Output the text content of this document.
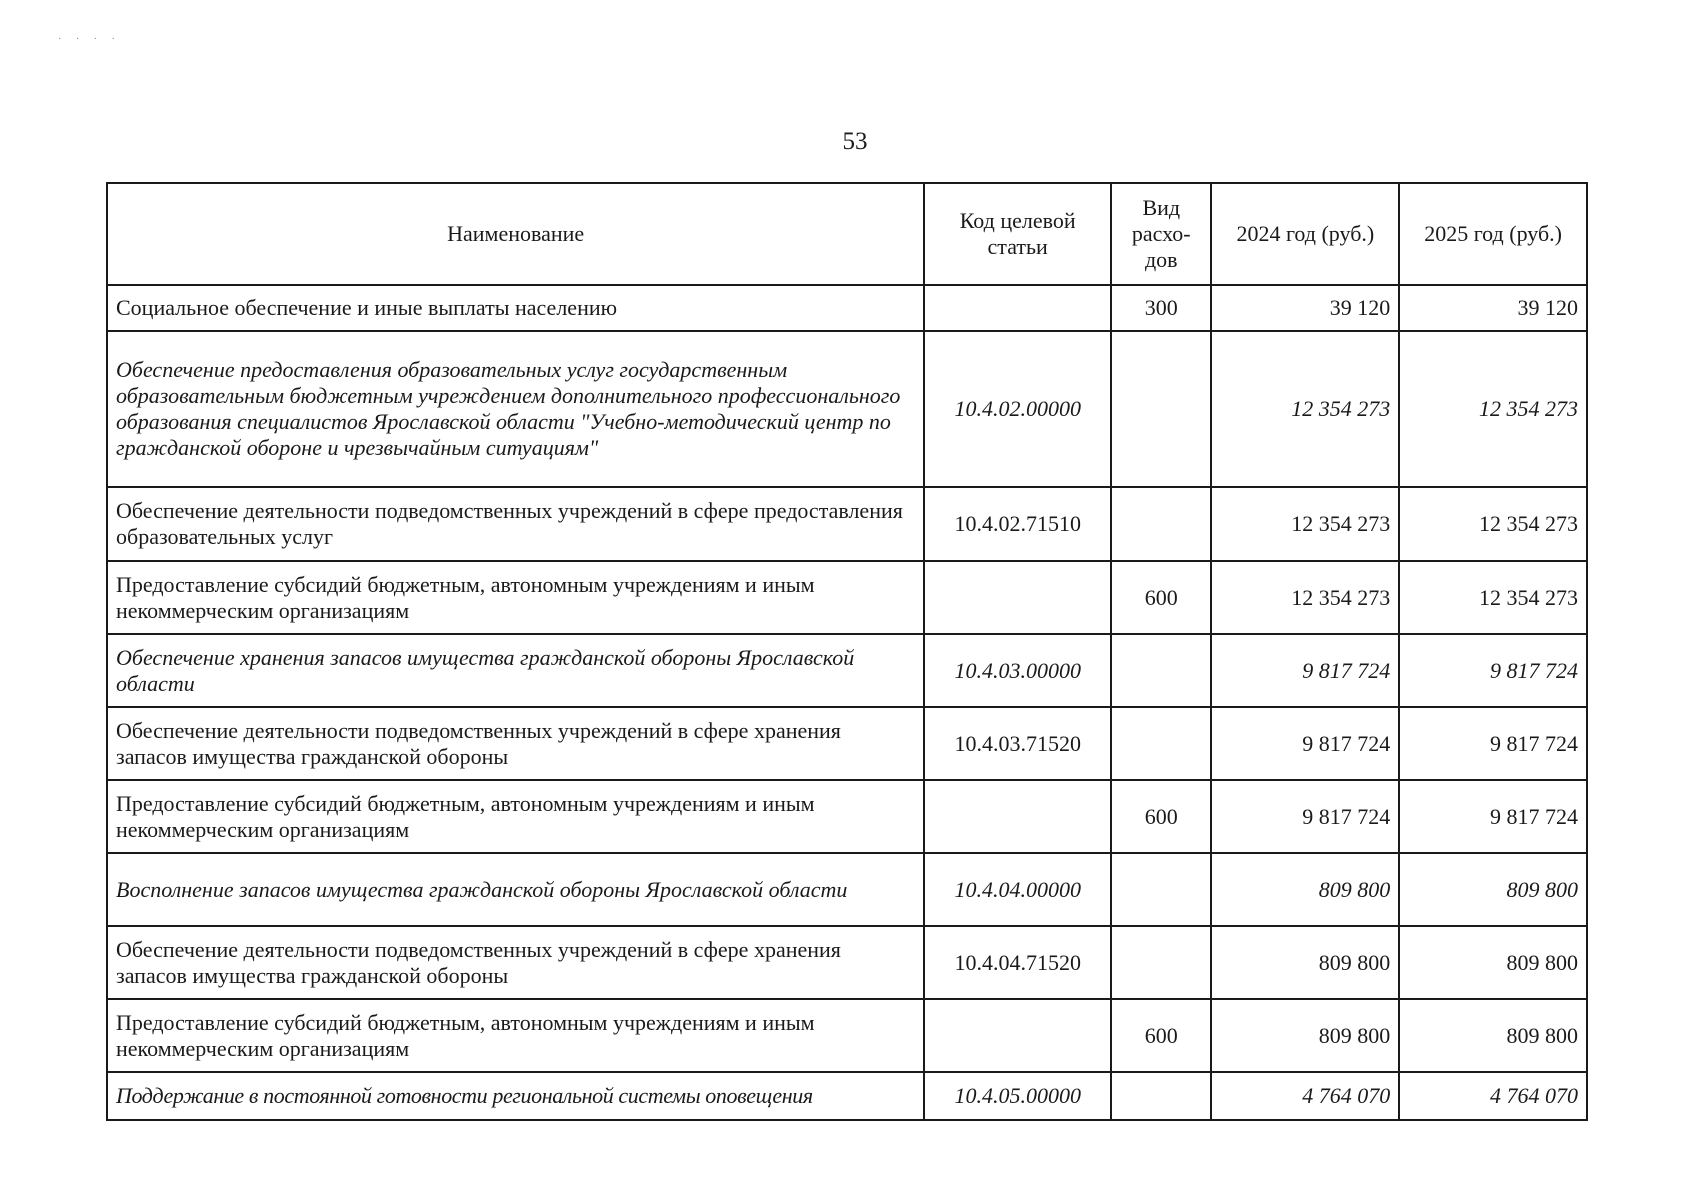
· · · ·
53
Наименование	Код целевой статьи	Вид расхо-дов	2024 год (руб.)	2025 год (руб.)
Социальное обеспечение и иные выплаты населению		300	39 120	39 120
Обеспечение предоставления образовательных услуг государственным образовательным бюджетным учреждением дополнительного профессионального образования специалистов Ярославской области "Учебно-методический центр по гражданской обороне и чрезвычайным ситуациям"	10.4.02.00000		12 354 273	12 354 273
Обеспечение деятельности подведомственных учреждений в сфере предоставления образовательных услуг	10.4.02.71510		12 354 273	12 354 273
Предоставление субсидий бюджетным, автономным учреждениям и иным некоммерческим организациям		600	12 354 273	12 354 273
Обеспечение хранения запасов имущества гражданской обороны Ярославской области	10.4.03.00000		9 817 724	9 817 724
Обеспечение деятельности подведомственных учреждений в сфере хранения запасов имущества гражданской обороны	10.4.03.71520		9 817 724	9 817 724
Предоставление субсидий бюджетным, автономным учреждениям и иным некоммерческим организациям		600	9 817 724	9 817 724
Восполнение запасов имущества гражданской обороны Ярославской области	10.4.04.00000		809 800	809 800
Обеспечение деятельности подведомственных учреждений в сфере хранения запасов имущества гражданской обороны	10.4.04.71520		809 800	809 800
Предоставление субсидий бюджетным, автономным учреждениям и иным некоммерческим организациям		600	809 800	809 800
Поддержание в постоянной готовности региональной системы оповещения	10.4.05.00000		4 764 070	4 764 070
